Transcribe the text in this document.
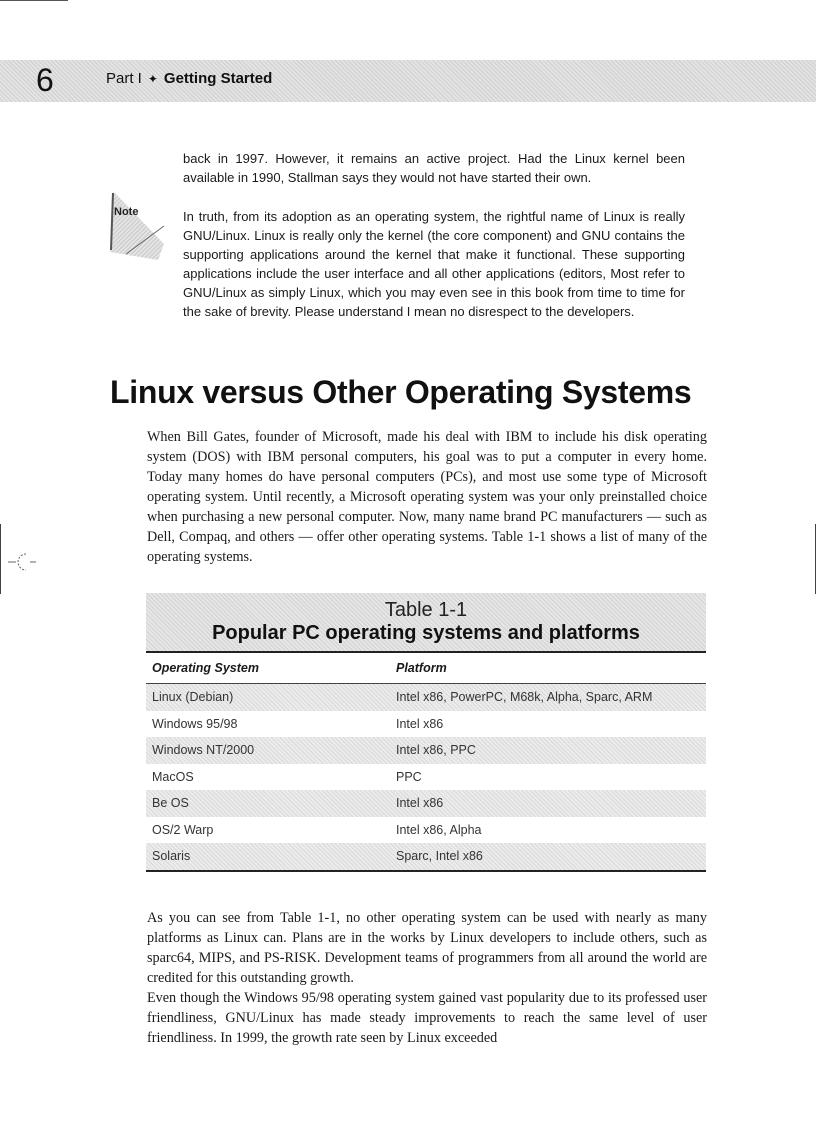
6	Part I ✦ Getting Started

back in 1997. However, it remains an active project. Had the Linux kernel been available in 1990, Stallman says they would not have started their own.

Note	In truth, from its adoption as an operating system, the rightful name of Linux is really GNU/Linux. Linux is really only the kernel (the core component) and GNU contains the supporting applications around the kernel that make it functional. These supporting applications include the user interface and all other applications (editors, Most refer to GNU/Linux as simply Linux, which you may even see in this book from time to time for the sake of brevity. Please understand I mean no disrespect to the developers.

Linux versus Other Operating Systems

When Bill Gates, founder of Microsoft, made his deal with IBM to include his disk operating system (DOS) with IBM personal computers, his goal was to put a computer in every home. Today many homes do have personal computers (PCs), and most use some type of Microsoft operating system. Until recently, a Microsoft operating system was your only preinstalled choice when purchasing a new personal computer. Now, many name brand PC manufacturers — such as Dell, Compaq, and others — offer other operating systems. Table 1-1 shows a list of many of the operating systems.

Table 1-1
Popular PC operating systems and platforms
Operating System	Platform
Linux (Debian)	Intel x86, PowerPC, M68k, Alpha, Sparc, ARM
Windows 95/98	Intel x86
Windows NT/2000	Intel x86, PPC
MacOS	PPC
Be OS	Intel x86
OS/2 Warp	Intel x86, Alpha
Solaris	Sparc, Intel x86

As you can see from Table 1-1, no other operating system can be used with nearly as many platforms as Linux can. Plans are in the works by Linux developers to include others, such as sparc64, MIPS, and PS-RISK. Development teams of programmers from all around the world are credited for this outstanding growth.

Even though the Windows 95/98 operating system gained vast popularity due to its professed user friendliness, GNU/Linux has made steady improvements to reach the same level of user friendliness. In 1999, the growth rate seen by Linux exceeded
